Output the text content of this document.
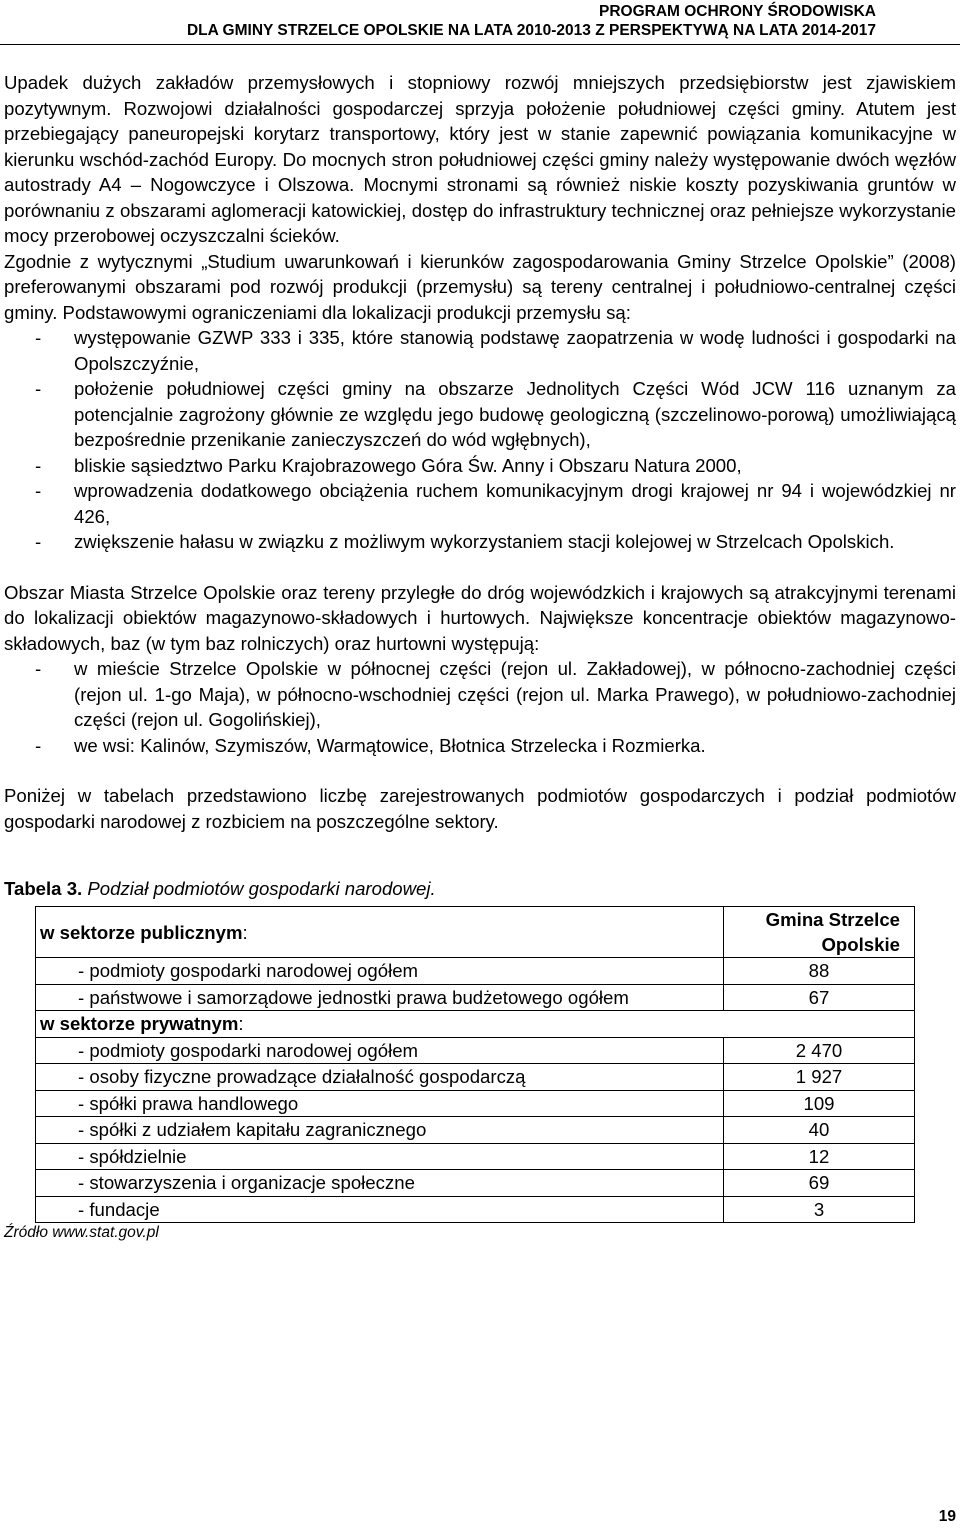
PROGRAM OCHRONY ŚRODOWISKA
DLA GMINY STRZELCE OPOLSKIE NA LATA 2010-2013 Z PERSPEKTYWĄ NA LATA 2014-2017

Upadek dużych zakładów przemysłowych i stopniowy rozwój mniejszych przedsiębiorstw jest zjawiskiem pozytywnym. Rozwojowi działalności gospodarczej sprzyja położenie południowej części gminy. Atutem jest przebiegający paneuropejski korytarz transportowy, który jest w stanie zapewnić powiązania komunikacyjne w kierunku wschód-zachód Europy. Do mocnych stron południowej części gminy należy występowanie dwóch węzłów autostrady A4 – Nogowczyce i Olszowa. Mocnymi stronami są również niskie koszty pozyskiwania gruntów w porównaniu z obszarami aglomeracji katowickiej, dostęp do infrastruktury technicznej oraz pełniejsze wykorzystanie mocy przerobowej oczyszczalni ścieków.

Zgodnie z wytycznymi „Studium uwarunkowań i kierunków zagospodarowania Gminy Strzelce Opolskie” (2008) preferowanymi obszarami pod rozwój produkcji (przemysłu) są tereny centralnej i południowo-centralnej części gminy. Podstawowymi ograniczeniami dla lokalizacji produkcji przemysłu są:

- występowanie GZWP 333 i 335, które stanowią podstawę zaopatrzenia w wodę ludności i gospodarki na Opolszczyźnie,
- położenie południowej części gminy na obszarze Jednolitych Części Wód JCW 116 uznanym za potencjalnie zagrożony głównie ze względu jego budowę geologiczną (szczelinowo-porową) umożliwiającą bezpośrednie przenikanie zanieczyszczeń do wód wgłębnych),
- bliskie sąsiedztwo Parku Krajobrazowego Góra Św. Anny i Obszaru Natura 2000,
- wprowadzenia dodatkowego obciążenia ruchem komunikacyjnym drogi krajowej nr 94 i wojewódzkiej nr 426,
- zwiększenie hałasu w związku z możliwym wykorzystaniem stacji kolejowej w Strzelcach Opolskich.

Obszar Miasta Strzelce Opolskie oraz tereny przyległe do dróg wojewódzkich i krajowych są atrakcyjnymi terenami do lokalizacji obiektów magazynowo-składowych i hurtowych. Największe koncentracje obiektów magazynowo-składowych, baz (w tym baz rolniczych) oraz hurtowni występują:

- w mieście Strzelce Opolskie w północnej części (rejon ul. Zakładowej), w północno-zachodniej części (rejon ul. 1-go Maja), w północno-wschodniej części (rejon ul. Marka Prawego), w południowo-zachodniej części (rejon ul. Gogolińskiej),
- we wsi: Kalinów, Szymiszów, Warmątowice, Błotnica Strzelecka i Rozmierka.

Poniżej w tabelach przedstawiono liczbę zarejestrowanych podmiotów gospodarczych i podział podmiotów gospodarki narodowej z rozbiciem na poszczególne sektory.

Tabela 3. Podział podmiotów gospodarki narodowej.
w sektorze publicznym:	Gmina Strzelce Opolskie
- podmioty gospodarki narodowej ogółem	88
- państwowe i samorządowe jednostki prawa budżetowego ogółem	67
w sektorze prywatnym:	
- podmioty gospodarki narodowej ogółem	2 470
- osoby fizyczne prowadzące działalność gospodarczą	1 927
- spółki prawa handlowego	109
- spółki z udziałem kapitału zagranicznego	40
- spółdzielnie	12
- stowarzyszenia i organizacje społeczne	69
- fundacje	3
Źródło www.stat.gov.pl
19
